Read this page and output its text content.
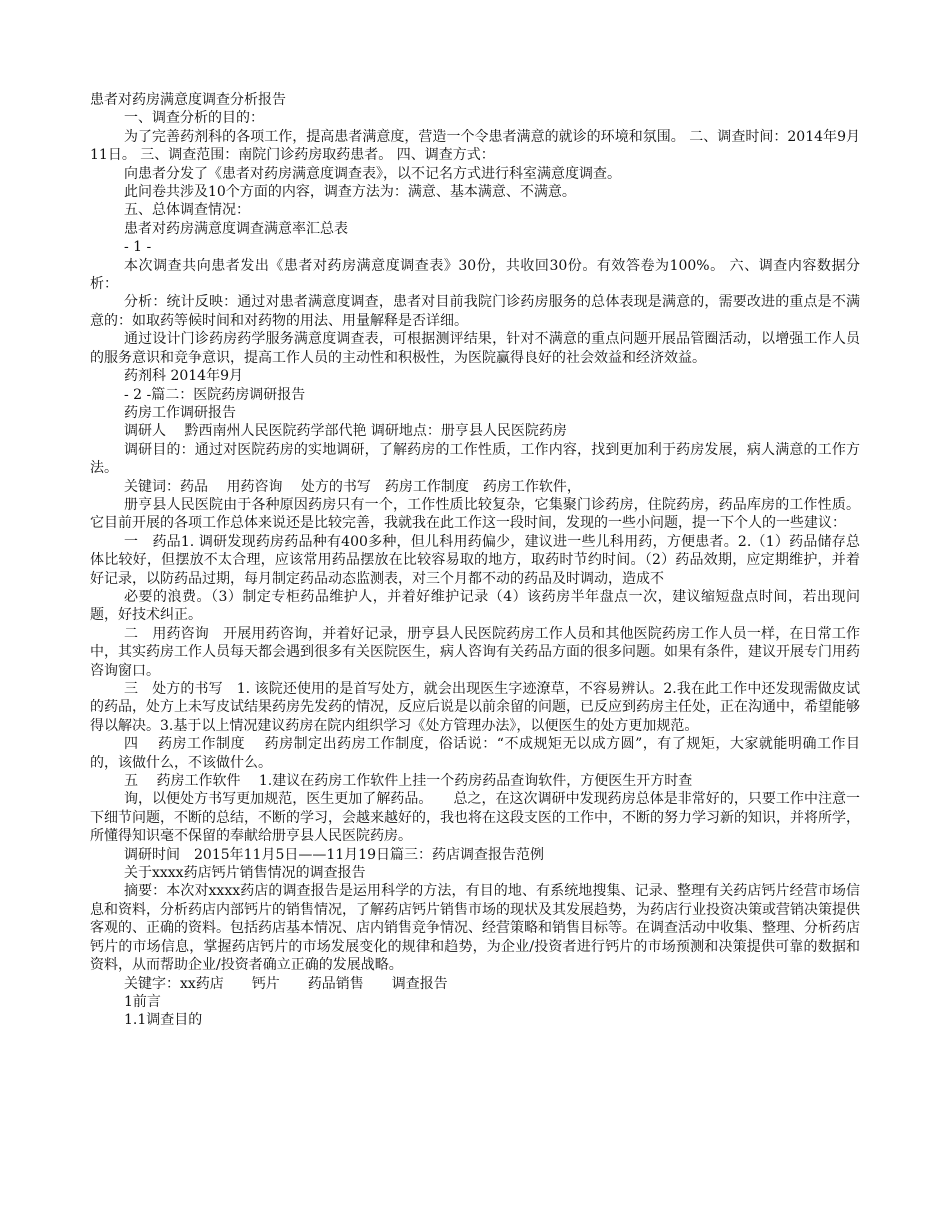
患者对药房满意度调查分析报告

一、调查分析的目的：

为了完善药剂科的各项工作，提高患者满意度，营造一个令患者满意的就诊的环境和氛围。 二、调查时间：2014年9月11日。 三、调查范围：南院门诊药房取药患者。 四、调查方式：

向患者分发了《患者对药房满意度调查表》，以不记名方式进行科室满意度调查。

此问卷共涉及10个方面的内容，调查方法为：满意、基本满意、不满意。

五、总体调查情况：

患者对药房满意度调查满意率汇总表

- 1 -

本次调查共向患者发出《患者对药房满意度调查表》30份，共收回30份。有效答卷为100%。 六、调查内容数据分析：

分析：统计反映：通过对患者满意度调查，患者对目前我院门诊药房服务的总体表现是满意的，需要改进的重点是不满意的：如取药等候时间和对药物的用法、用量解释是否详细。

通过设计门诊药房药学服务满意度调查表，可根据测评结果，针对不满意的重点问题开展品管圈活动，以增强工作人员的服务意识和竞争意识，提高工作人员的主动性和积极性，为医院赢得良好的社会效益和经济效益。

药剂科 2014年9月

- 2 -篇二：医院药房调研报告

药房工作调研报告

调研人　 黔西南州人民医院药学部代艳 调研地点：册亨县人民医院药房

调研目的：通过对医院药房的实地调研，了解药房的工作性质，工作内容，找到更加利于药房发展，病人满意的工作方法。

关键词：药品　 用药咨询　 处方的书写　药房工作制度　药房工作软件，

册亨县人民医院由于各种原因药房只有一个，工作性质比较复杂，它集聚门诊药房，住院药房，药品库房的工作性质。它目前开展的各项工作总体来说还是比较完善，我就我在此工作这一段时间，发现的一些小问题，提一下个人的一些建议：

一　药品1. 调研发现药房药品种有400多种，但儿科用药偏少，建议进一些儿科用药，方便患者。2.（1）药品储存总体比较好，但摆放不太合理，应该常用药品摆放在比较容易取的地方，取药时节约时间。（2）药品效期，应定期维护，并着好记录，以防药品过期，每月制定药品动态监测表，对三个月都不动的药品及时调动，造成不

必要的浪费。（3）制定专柜药品维护人，并着好维护记录（4）该药房半年盘点一次，建议缩短盘点时间，若出现问题，好技术纠正。

二　用药咨询　开展用药咨询，并着好记录，册亨县人民医院药房工作人员和其他医院药房工作人员一样，在日常工作中，其实药房工作人员每天都会遇到很多有关医院医生，病人咨询有关药品方面的很多问题。如果有条件，建议开展专门用药咨询窗口。

三　处方的书写　1. 该院还使用的是首写处方，就会出现医生字迹潦草，不容易辨认。2.我在此工作中还发现需做皮试的药品，处方上未写皮试结果药房先发药的情况，反应后说是以前余留的问题，已反应到药房主任处，正在沟通中，希望能够得以解决。3.基于以上情况建议药房在院内组织学习《处方管理办法》，以便医生的处方更加规范。

四　 药房工作制度　 药房制定出药房工作制度，俗话说：“不成规矩无以成方圆”，有了规矩，大家就能明确工作目的，该做什么，不该做什么。

五　 药房工作软件　 1.建议在药房工作软件上挂一个药房药品查询软件，方便医生开方时查

询，以便处方书写更加规范，医生更加了解药品。　　总之，在这次调研中发现药房总体是非常好的，只要工作中注意一下细节问题，不断的总结，不断的学习，会越来越好的，我也将在这段支医的工作中，不断的努力学习新的知识，并将所学，所懂得知识毫不保留的奉献给册亨县人民医院药房。

调研时间　2015年11月5日——11月19日篇三：药店调查报告范例

关于xxxx药店钙片销售情况的调查报告

摘要：本次对xxxx药店的调查报告是运用科学的方法，有目的地、有系统地搜集、记录、整理有关药店钙片经营市场信息和资料，分析药店内部钙片的销售情况，了解药店钙片销售市场的现状及其发展趋势，为药店行业投资决策或营销决策提供客观的、正确的资料。包括药店基本情况、店内销售竞争情况、经营策略和销售目标等。在调查活动中收集、整理、分析药店钙片的市场信息，掌握药店钙片的市场发展变化的规律和趋势，为企业/投资者进行钙片的市场预测和决策提供可靠的数据和资料，从而帮助企业/投资者确立正确的发展战略。

关键字：xx药店　　钙片　　药品销售　　调查报告

1前言

1.1调查目的
